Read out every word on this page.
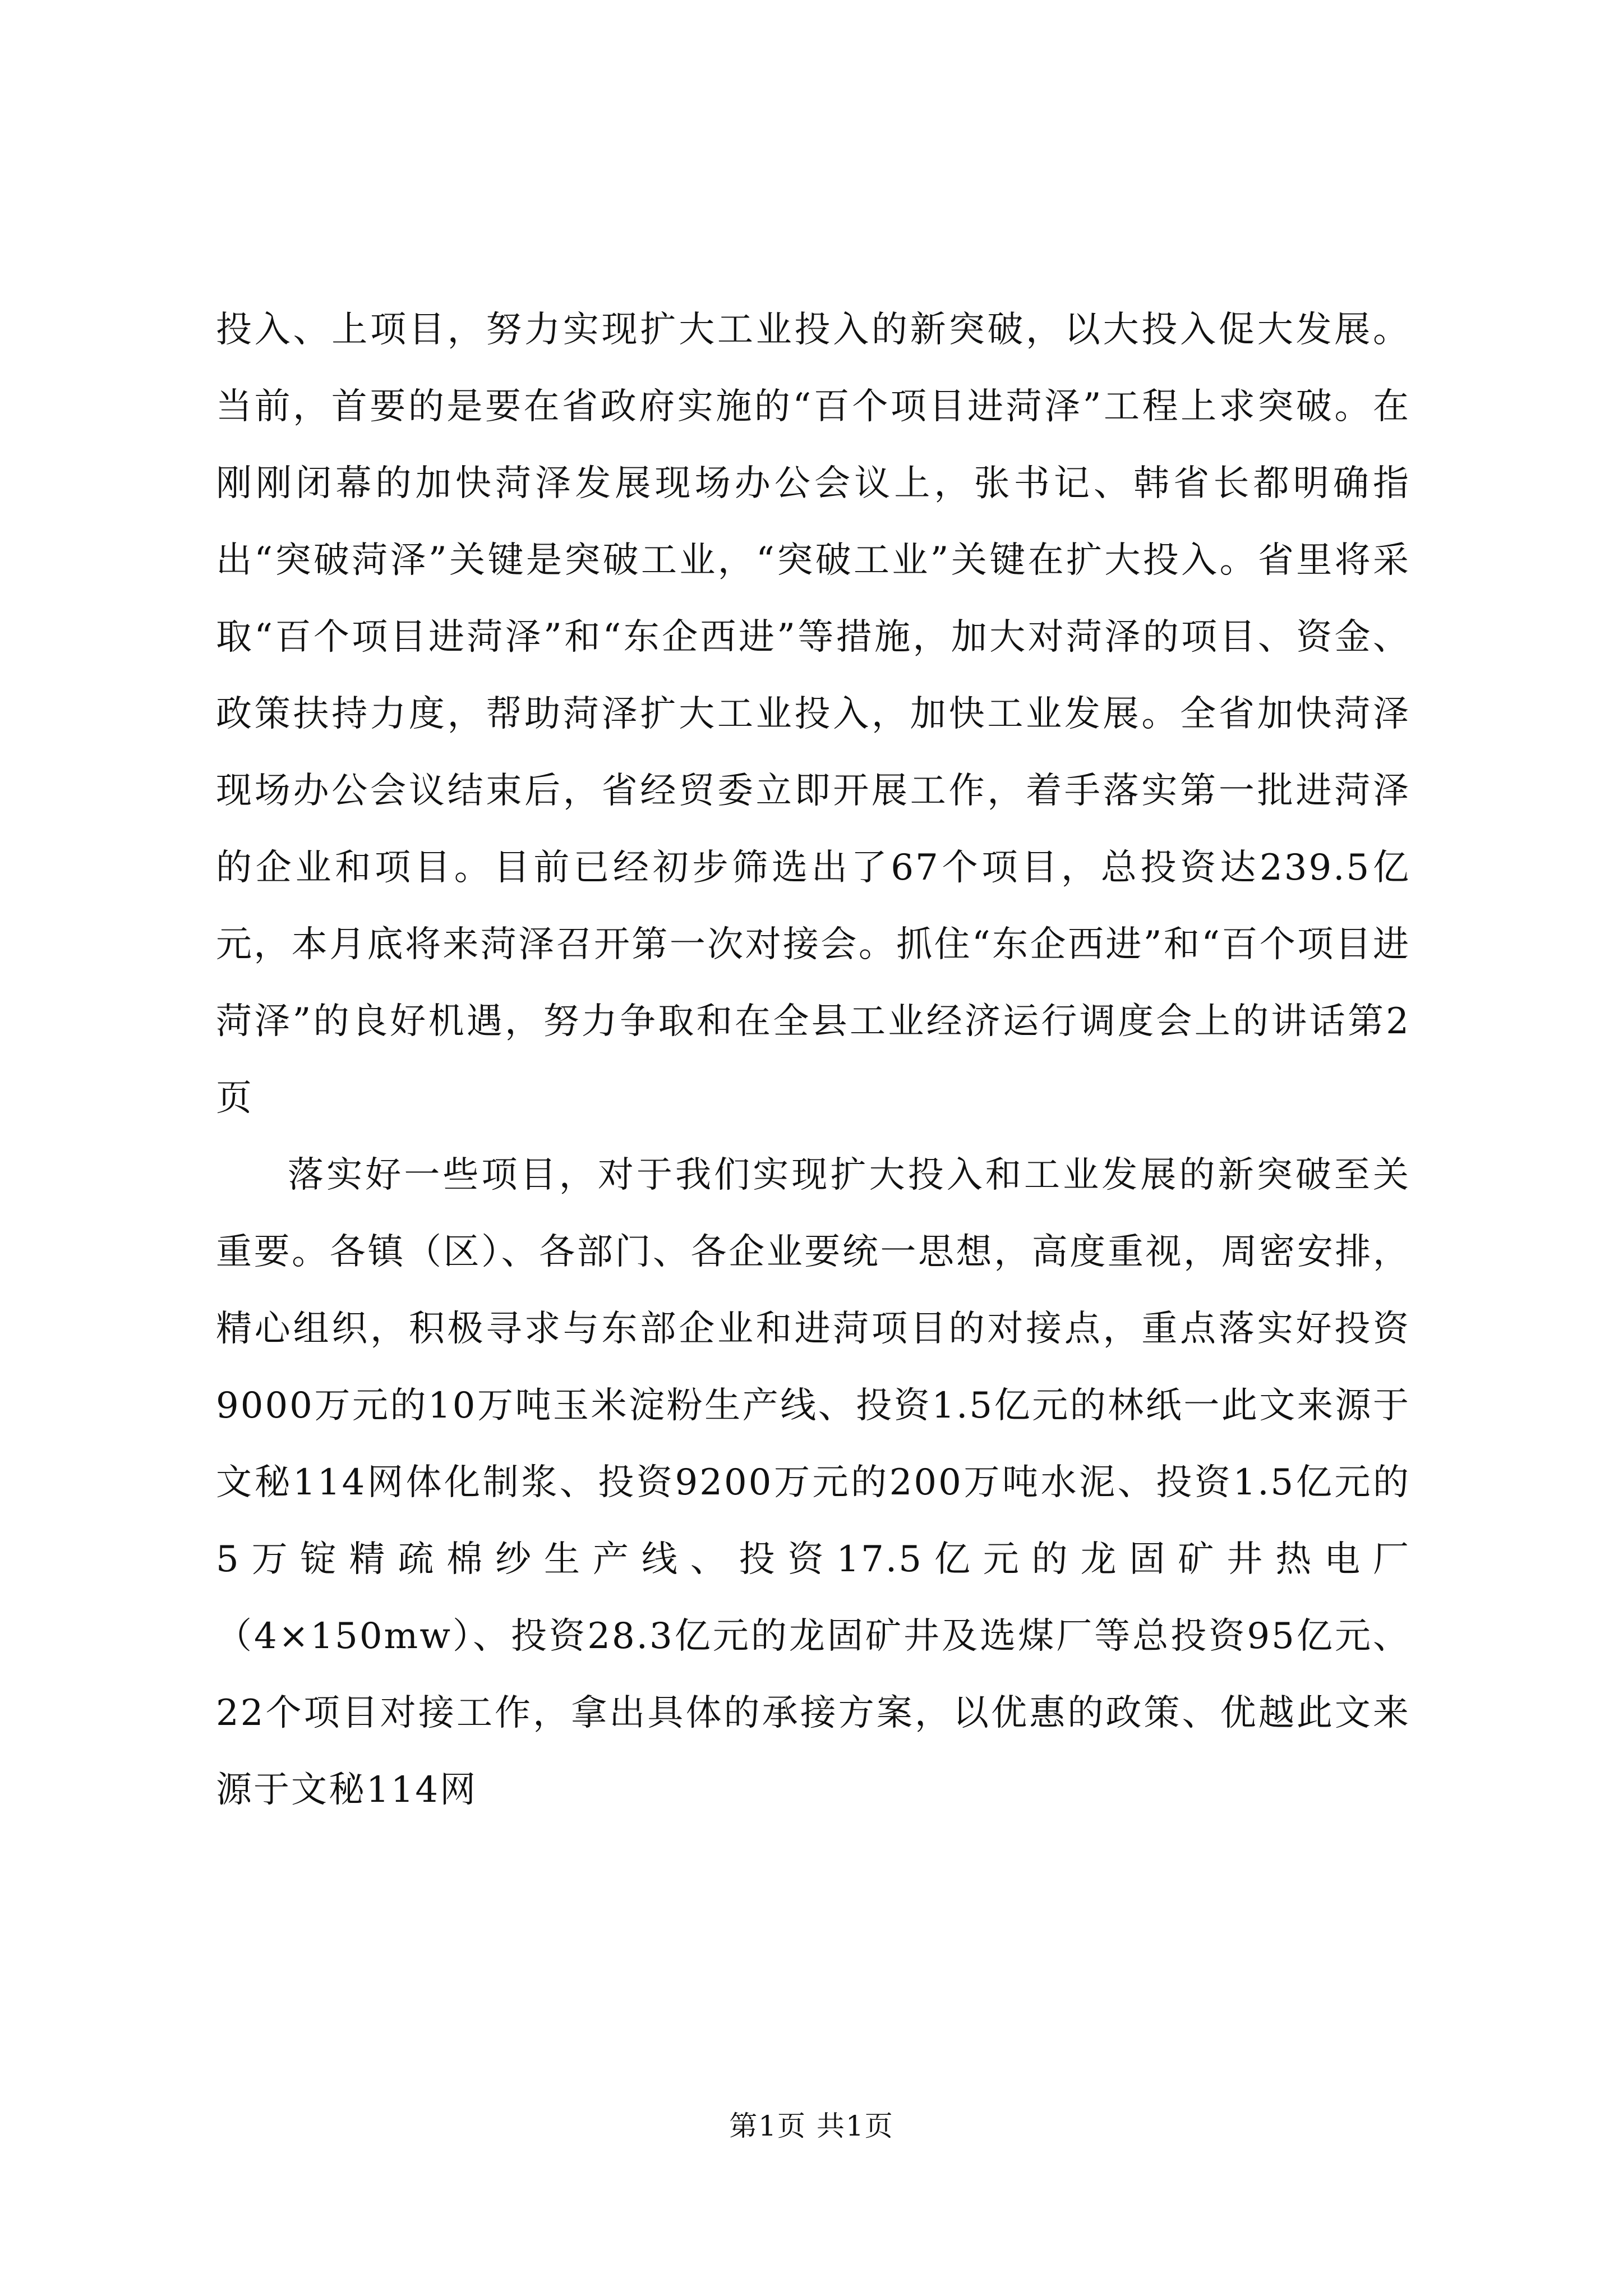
投入、上项目，努力实现扩大工业投入的新突破，以大投入促大发展。当前，首要的是要在省政府实施的“百个项目进菏泽”工程上求突破。在刚刚闭幕的加快菏泽发展现场办公会议上，张书记、韩省长都明确指出“突破菏泽”关键是突破工业，“突破工业”关键在扩大投入。省里将采取“百个项目进菏泽”和“东企西进”等措施，加大对菏泽的项目、资金、政策扶持力度，帮助菏泽扩大工业投入，加快工业发展。全省加快菏泽现场办公会议结束后，省经贸委立即开展工作，着手落实第一批进菏泽的企业和项目。目前已经初步筛选出了67个项目，总投资达239.5亿元，本月底将来菏泽召开第一次对接会。抓住“东企西进”和“百个项目进菏泽”的良好机遇，努力争取和在全县工业经济运行调度会上的讲话第2页

落实好一些项目，对于我们实现扩大投入和工业发展的新突破至关重要。各镇（区）、各部门、各企业要统一思想，高度重视，周密安排，精心组织，积极寻求与东部企业和进菏项目的对接点，重点落实好投资9000万元的10万吨玉米淀粉生产线、投资1.5亿元的林纸一此文来源于文秘114网体化制浆、投资9200万元的200万吨水泥、投资1.5亿元的5万锭精疏棉纱生产线、投资17.5亿元的龙固矿井热电厂（4×150mw）、投资28.3亿元的龙固矿井及选煤厂等总投资95亿元、22个项目对接工作，拿出具体的承接方案，以优惠的政策、优越此文来源于文秘114网

第1页 共1页
